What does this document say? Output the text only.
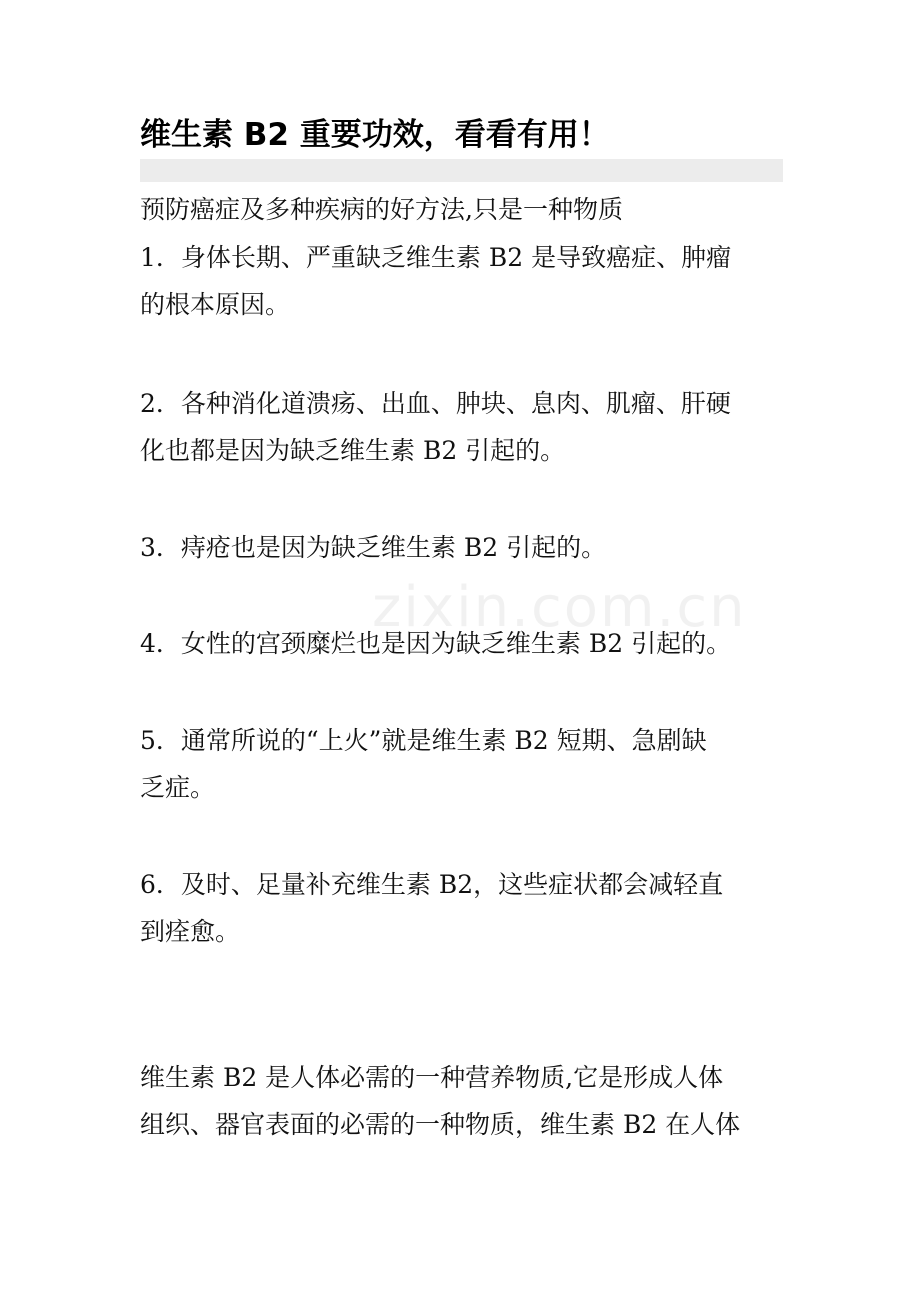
维生素 B2 重要功效，看看有用！
预防癌症及多种疾病的好方法,只是一种物质
1．身体长期、严重缺乏维生素 B2 是导致癌症、肿瘤
的根本原因。
2．各种消化道溃疡、出血、肿块、息肉、肌瘤、肝硬
化也都是因为缺乏维生素 B2 引起的。
3．痔疮也是因为缺乏维生素 B2 引起的。
4．女性的宫颈糜烂也是因为缺乏维生素 B2 引起的。
5．通常所说的“上火”就是维生素 B2 短期、急剧缺
乏症。
6．及时、足量补充维生素 B2，这些症状都会减轻直
到痊愈。
维生素 B2 是人体必需的一种营养物质,它是形成人体
组织、器官表面的必需的一种物质，维生素 B2 在人体
zixin.com.cn
